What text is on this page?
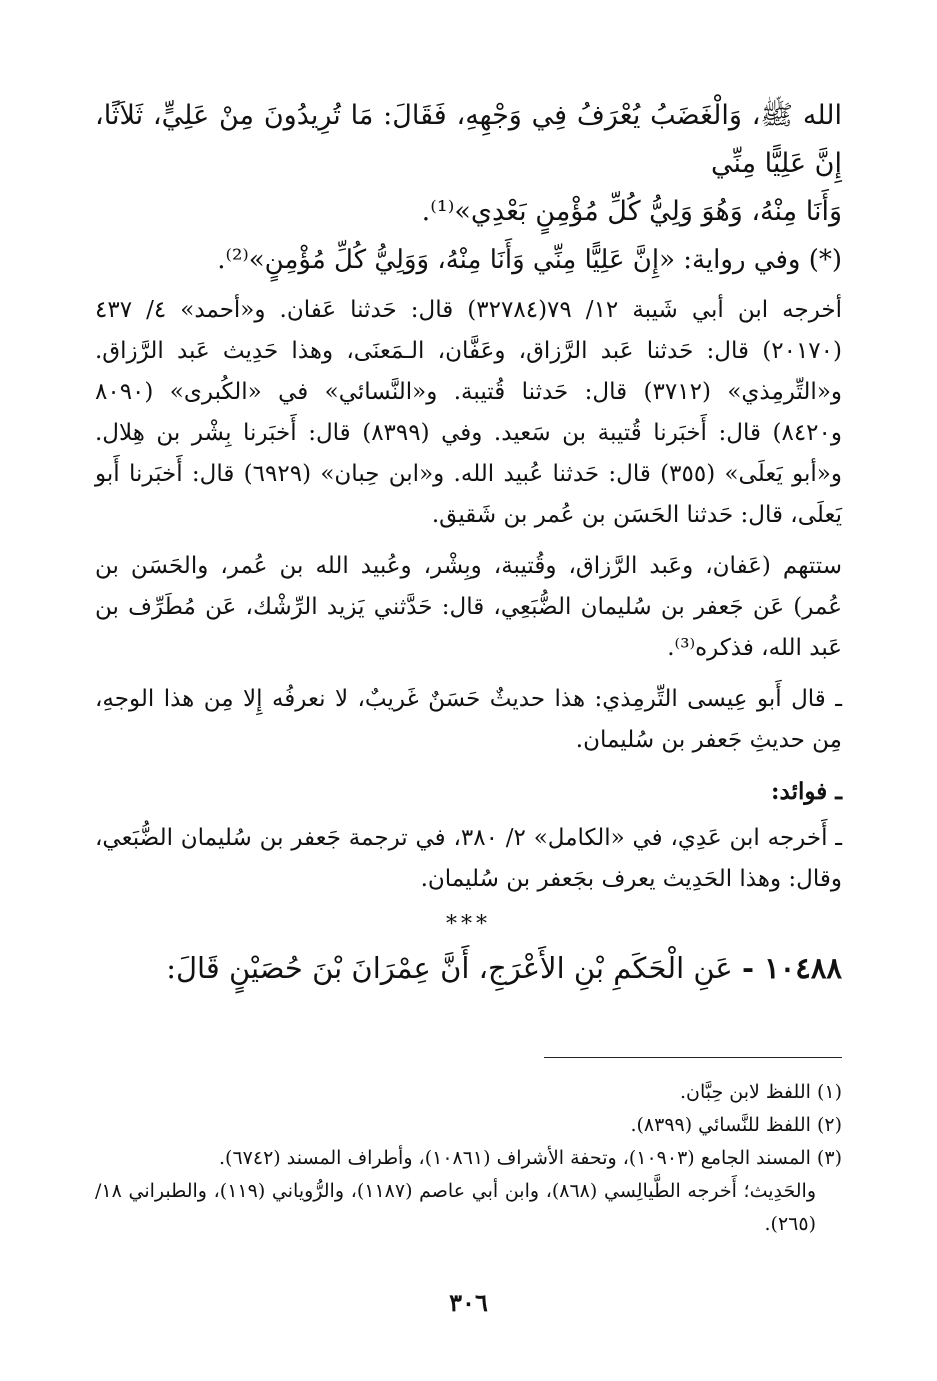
الله ﷺ، وَالْغَضَبُ يُعْرَفُ فِي وَجْهِهِ، فَقَالَ: مَا تُرِيدُونَ مِنْ عَلِيٍّ، ثَلاَثًا، إِنَّ عَلِيًّا مِنِّي
وَأَنَا مِنْهُ، وَهُوَ وَلِيُّ كُلِّ مُؤْمِنٍ بَعْدِي»⁽¹⁾.

(*) وفي رواية: «إِنَّ عَلِيًّا مِنِّي وَأَنَا مِنْهُ، وَوَلِيُّ كُلِّ مُؤْمِنٍ»⁽²⁾.

أخرجه ابن أبي شَيبة ١٢/ ٧٩(٣٢٧٨٤) قال: حَدثنا عَفان. و«أحمد» ٤/ ٤٣٧ (٢٠١٧٠) قال: حَدثنا عَبد الرَّزاق، وعَفَّان، الـمَعنَى، وهذا حَدِيث عَبد الرَّزاق. و«التِّرمِذي» (٣٧١٢) قال: حَدثنا قُتيبة. و«النَّسائي» في «الكُبرى» (٨٠٩٠ و٨٤٢٠) قال: أَخبَرنا قُتيبة بن سَعيد. وفي (٨٣٩٩) قال: أَخبَرنا بِشْر بن هِلال. و«أبو يَعلَى» (٣٥٥) قال: حَدثنا عُبيد الله. و«ابن حِبان» (٦٩٢٩) قال: أَخبَرنا أَبو يَعلَى، قال: حَدثنا الحَسَن بن عُمر بن شَقيق.

ستتهم (عَفان، وعَبد الرَّزاق، وقُتيبة، وبِشْر، وعُبيد الله بن عُمر، والحَسَن بن عُمر) عَن جَعفر بن سُليمان الضُّبَعِي، قال: حَدَّثني يَزيد الرِّشْك، عَن مُطَرِّف بن عَبد الله، فذكره⁽³⁾.

ـ قال أَبو عِيسى التِّرمِذي: هذا حديثٌ حَسَنٌ غَريبٌ، لا نعرفُه إِلا مِن هذا الوجهِ، مِن حديثِ جَعفر بن سُليمان.

ـ فوائد:

ـ أَخرجه ابن عَدِي، في «الكامل» ٢/ ٣٨٠، في ترجمة جَعفر بن سُليمان الضُّبَعي، وقال: وهذا الحَدِيث يعرف بجَعفر بن سُليمان.

***

١٠٤٨٨ - عَنِ الْحَكَمِ بْنِ الأَعْرَجِ، أَنَّ عِمْرَانَ بْنَ حُصَيْنٍ قَالَ:

(١) اللفظ لابن حِبَّان.

(٢) اللفظ للنَّسائي (٨٣٩٩).

(٣) المسند الجامع (١٠٩٠٣)، وتحفة الأشراف (١٠٨٦١)، وأطراف المسند (٦٧٤٢).

والحَدِيث؛ أَخرجه الطَّيالِسي (٨٦٨)، وابن أبي عاصم (١١٨٧)، والرُّوياني (١١٩)، والطبراني ١٨/ (٢٦٥).

٣٠٦
